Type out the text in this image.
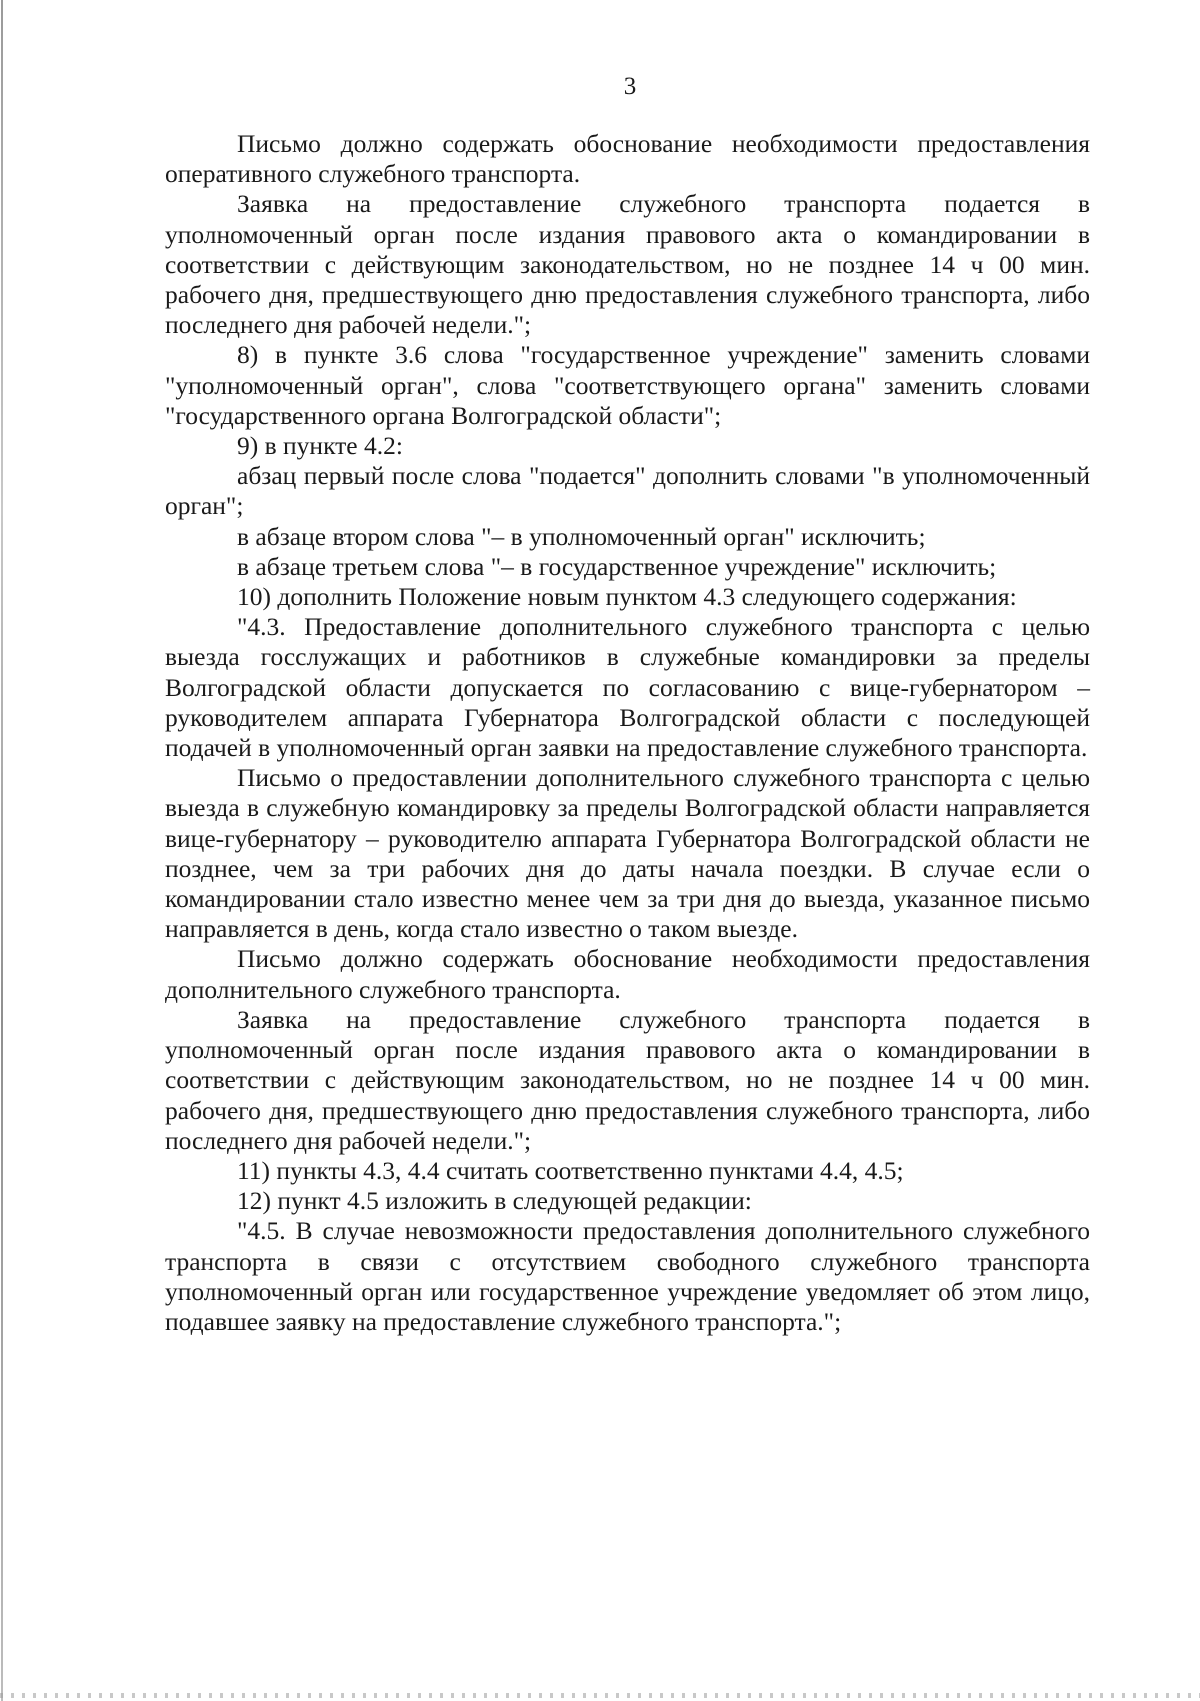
3

Письмо должно содержать обоснование необходимости предоставления оперативного служебного транспорта.

Заявка на предоставление служебного транспорта подается в уполномоченный орган после издания правового акта о командировании в соответствии с действующим законодательством, но не позднее 14 ч 00 мин. рабочего дня, предшествующего дню предоставления служебного транспорта, либо последнего дня рабочей недели.";

8) в пункте 3.6 слова "государственное учреждение" заменить словами "уполномоченный орган", слова "соответствующего органа" заменить словами "государственного органа Волгоградской области";

9) в пункте 4.2:

абзац первый после слова "подается" дополнить словами "в уполномоченный орган";

в абзаце втором слова "– в уполномоченный орган" исключить;

в абзаце третьем слова "– в государственное учреждение" исключить;

10) дополнить Положение новым пунктом 4.3 следующего содержания:

"4.3. Предоставление дополнительного служебного транспорта с целью выезда госслужащих и работников в служебные командировки за пределы Волгоградской области допускается по согласованию с вице-губернатором – руководителем аппарата Губернатора Волгоградской области с последующей подачей в уполномоченный орган заявки на предоставление служебного транспорта.

Письмо о предоставлении дополнительного служебного транспорта с целью выезда в служебную командировку за пределы Волгоградской области направляется вице-губернатору – руководителю аппарата Губернатора Волгоградской области не позднее, чем за три рабочих дня до даты начала поездки. В случае если о командировании стало известно менее чем за три дня до выезда, указанное письмо направляется в день, когда стало известно о таком выезде.

Письмо должно содержать обоснование необходимости предоставления дополнительного служебного транспорта.

Заявка на предоставление служебного транспорта подается в уполномоченный орган после издания правового акта о командировании в соответствии с действующим законодательством, но не позднее 14 ч 00 мин. рабочего дня, предшествующего дню предоставления служебного транспорта, либо последнего дня рабочей недели.";

11) пункты 4.3, 4.4 считать соответственно пунктами 4.4, 4.5;

12) пункт 4.5 изложить в следующей редакции:

"4.5. В случае невозможности предоставления дополнительного служебного транспорта в связи с отсутствием свободного служебного транспорта уполномоченный орган или государственное учреждение уведомляет об этом лицо, подавшее заявку на предоставление служебного транспорта.";
